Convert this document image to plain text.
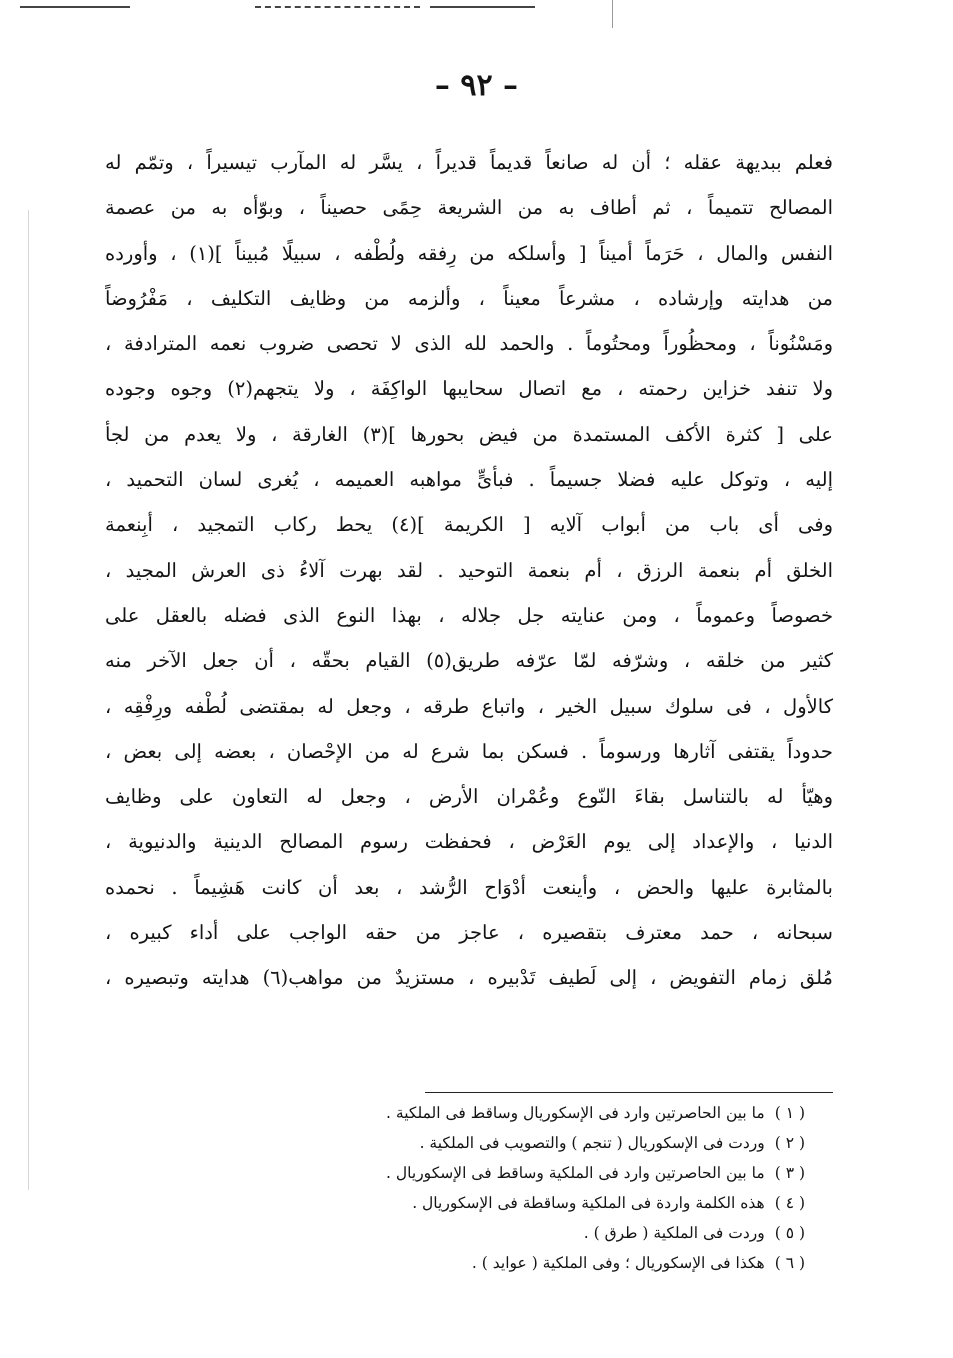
– ٩٢ –
فعلم ببديهة عقله ؛ أن له صانعاً قديماً قديراً ، يسَّر له المآرب تيسيراً ، وتمّم له
المصالح تتميماً ، ثم أطاف به من الشريعة حِمًى حصيناً ، وبوّأه به من عصمة
النفس والمال ، حَرَماً أميناً [ وأسلكه من رِفقه ولُطْفه ، سبيلًا مُبيناً ](١) ، وأورده
من هدايته وإرشاده ، مشرعاً معيناً ، وألزمه من وظايف التكليف ، مَفْرُوضاً
ومَسْنُوناً ، ومحظُوراً ومحتُوماً . والحمد لله الذى لا تحصى ضروب نعمه المترادفة ،
ولا تنفد خزاين رحمته ، مع اتصال سحايبها الواكِفَة ، ولا يتجهم(٢) وجوه وجوده
على [ كثرة الأكف المستمدة من فيض بحورها ](٣) الغارقة ، ولا يعدم من لجأ
إليه ، وتوكل عليه فضلا جسيماً . فبأىٍّ مواهبه العميمه ، يُغرى لسان التحميد ،
وفى أى باب من أبواب آلايه [ الكريمة ](٤) يحط ركاب التمجيد ، أبِنعمة
الخلق أم بنعمة الرزق ، أم بنعمة التوحيد . لقد بهرت آلاءُ ذى العرش المجيد ،
خصوصاً وعموماً ، ومن عنايته جل جلاله ، بهذا النوع الذى فضله بالعقل على
كثير من خلقه ، وشرّفه لمّا عرّفه طريق(٥) القيام بحقّه ، أن جعل الآخر منه
كالأول ، فى سلوك سبيل الخير ، واتباع طرقه ، وجعل له بمقتضى لُطْفه ورِفْقِه ،
حدوداً يقتفى آثارها ورسوماً . فسكن بما شرع له من الإحْصان ، بعضه إلى بعض ،
وهيّأ له بالتناسل بقاءَ النّوع وعُمْران الأرض ، وجعل له التعاون على وظايف
الدنيا ، والإعداد إلى يوم العَرْض ، فحفظت رسوم المصالح الدينية والدنيوية ،
بالمثابرة عليها والحض ، وأينعت أدْوَاح الرُّشد ، بعد أن كانت هَشِيماً . نحمده
سبحانه ، حمد معترف بتقصيره ، عاجز من حقه الواجب على أداء كبيره ،
مُلق زمام التفويض ، إلى لَطيف تَدْبيره ، مستزيدٌ من مواهب(٦) هدايته وتبصيره ،
( ١ )ما بين الحاصرتين وارد فى الإسكوريال وساقط فى الملكية .
( ٢ )وردت فى الإسكوريال ( تنجم ) والتصويب فى الملكية .
( ٣ )ما بين الحاصرتين وارد فى الملكية وساقط فى الإسكوريال .
( ٤ )هذه الكلمة واردة فى الملكية وساقطة فى الإسكوريال .
( ٥ )وردت فى الملكية ( طرق ) .
( ٦ )هكذا فى الإسكوريال ؛ وفى الملكية ( عوايد ) .
